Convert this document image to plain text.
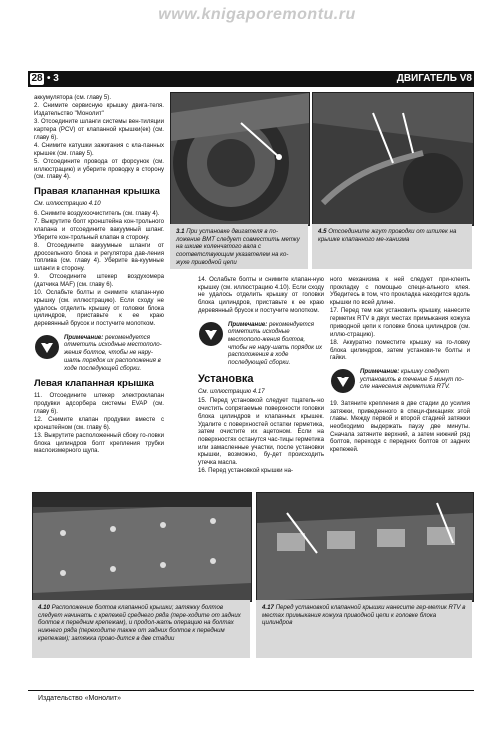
www.knigaporemontu.ru
28 • 3	ДВИГАТЕЛЬ V8

аккумулятора (см. главу 5).

2. Снимите сервисную крышку двига-теля. Издательство "Монолит"

3. Отсоедините шланги системы вен-тиляции картера (PCV) от клапанной крышки(ек) (см. главу 6).

4. Снимите катушки зажигания с кла-панных крышек (см. главу 5).

5. Отсоедините провода от форсунок (см. иллюстрацию) и уберите проводку в сторону (см. главу 4).

Правая клапанная крышка

См. иллюстрацию 4.10

6. Снимите воздухоочиститель (см. главу 4).

7. Выкрутите болт кронштейна кон-трольного клапана и отсоедините вакуумный шланг. Уберите кон-трольный клапан в сторону.

8. Отсоедините вакуумные шланги от дроссельного блока и регулятора дав-ления топлива (см. главу 4). Уберите ва-куумные шланги в сторону.

9. Отсоедините штекер воздухомера (датчика MAF) (см. главу 6).

10. Ослабьте болты и снимите клапан-ную крышку (см. иллюстрацию). Если сходу не удалось отделить крышку от головки блока цилиндров, приставьте к ее краю деревянный брусок и постучите молотком.

Примечание: рекомендуется отметить исходные местополо-жения болтов, чтобы не нару-шать порядок их расположения в ходе последующей сборки.
Левая клапанная крышка

11. Отсоедините штекер электроклапан продувки адсорбера системы EVAP (см. главу 6).

12. Снимите клапан продувки вместе с кронштейном (см. главу 6).

13. Выкрутите расположенный сбоку го-ловки блока цилиндров болт крепления трубки маслоизмерного щупа.

3.1 При установке двигателя в по-ложение ВМТ следует совместить метку на шкиве коленчатого вала с соответствующим указателем на ко-жухе приводной цепи
4.5 Отсоедините жгут проводки от шпилек на крышке клапанного ме-ханизма

14. Ослабьте болты и снимите клапан-ную крышку (см. иллюстрацию 4.10). Если сходу не удалось отделить крышку от головки блока цилиндров, приставьте к ее краю деревянный брусок и постучите молотком.

Примечание: рекомендуется отметить исходные местополо-жения болтов, чтобы не нару-шать порядок их расположения в ходе последующей сборки.
Установка

См. иллюстрацию 4.17

15. Перед установкой следует тщатель-но очистить сопрягаемые поверхности головки блока цилиндров и клапанных крышек. Удалите с поверхностей остатки герметика, затем очистите их ацетоном. Если на поверхностях останутся час-тицы герметика или замасленные участки, после установки крышки, возможно, бу-дет происходить утечка масла.

16. Перед установкой крышки на-

ного механизма к ней следует при-клеить прокладку с помощью специ-ального клея. Убедитесь в том, что прокладка находится вдоль крышки по всей длине.

17. Перед тем как установить крышку, нанесите герметик RTV в двух местах примыкания кожуха приводной цепи к головке блока цилиндров (см. иллю-страцию).

18. Аккуратно поместите крышку на го-ловку блока цилиндров, затем установи-те болты и гайки.

Примечание: крышку следует установить в течение 5 минут по-сле нанесения герметика RTV.

19. Затяните крепления в две стадии до усилия затяжки, приведенного в специ-фикациях этой главы. Между первой и второй стадией затяжки необходимо выдержать паузу две минуты. Сначала затяните верхний, а затем нижний ряд болтов, переходя с передних болтов от задних крепежей.

4.10 Расположение болтов клапанной крышки; затяжку болтов следует начинать с крепежей среднего ряда (пере-ходите от задних болтов к передним крепежам), и продол-жать операцию на болтах нижнего ряда (переходите также от задних болтов к передним крепежам); затяжка прово-дится в две стадии
4.17 Перед установкой клапанной крышки нанесите гер-метик RTV в местах примыкания кожуха приводной цепи к головке блока цилиндров
Издательство «Монолит»
